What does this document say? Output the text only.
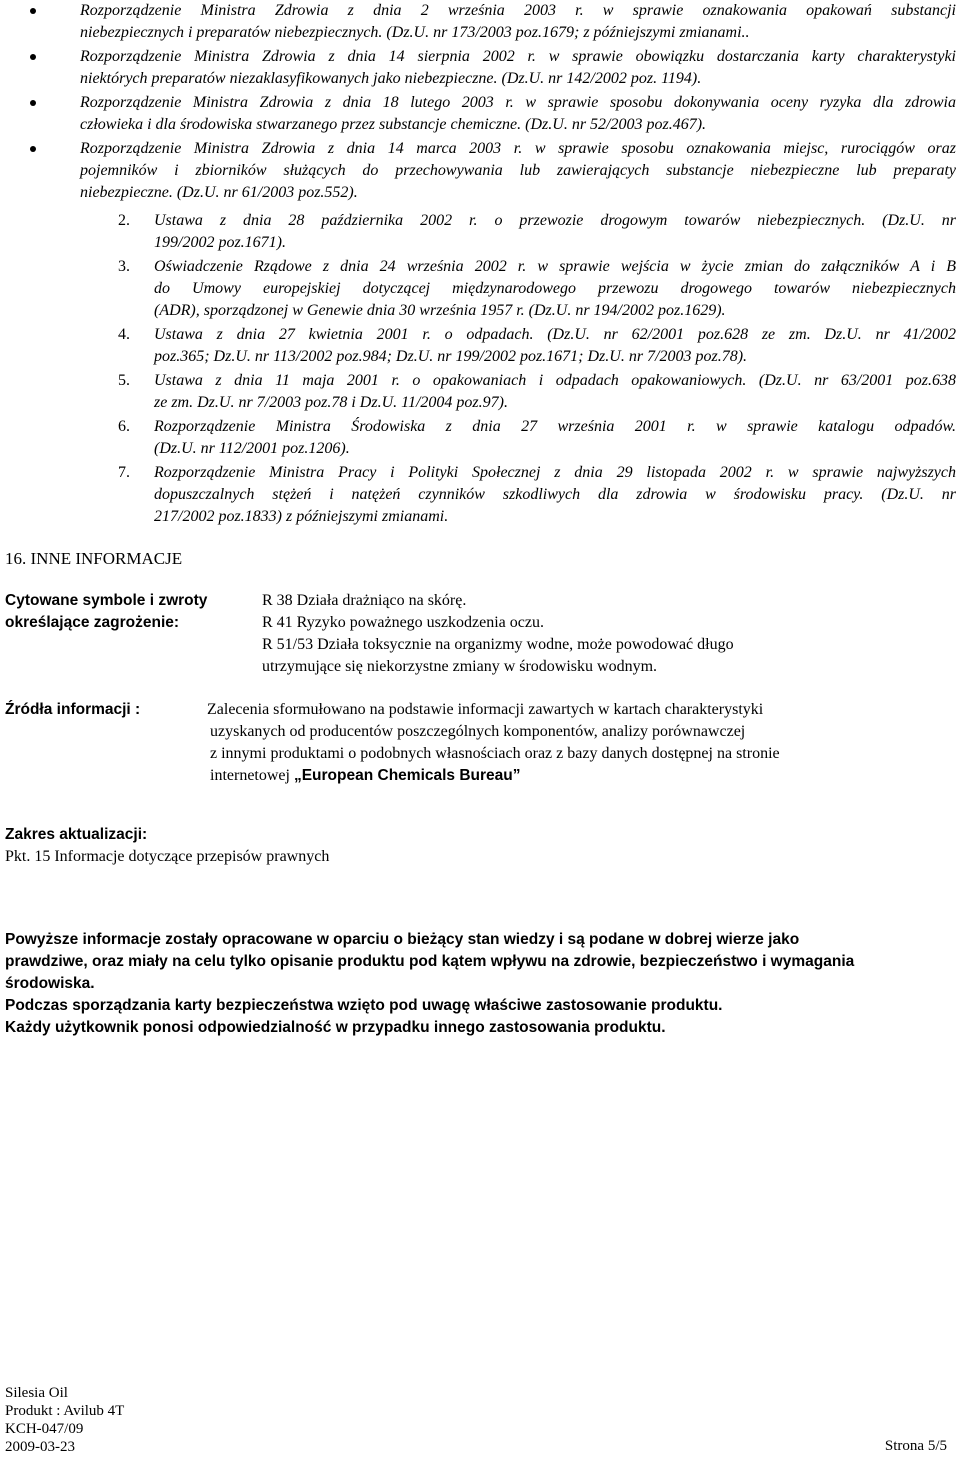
Rozporządzenie Ministra Zdrowia z dnia 2 września 2003 r. w sprawie oznakowania opakowań substancji
niebezpiecznych i preparatów niebezpiecznych. (Dz.U. nr 173/2003 poz.1679; z późniejszymi zmianami..
Rozporządzenie Ministra Zdrowia z dnia 14 sierpnia 2002 r. w sprawie obowiązku dostarczania karty charakterystyki
niektórych preparatów niezaklasyfikowanych jako niebezpieczne. (Dz.U. nr 142/2002 poz. 1194).
Rozporządzenie Ministra Zdrowia z dnia 18 lutego 2003 r. w sprawie sposobu dokonywania oceny ryzyka dla zdrowia
człowieka i dla środowiska stwarzanego przez substancje chemiczne. (Dz.U. nr 52/2003 poz.467).
Rozporządzenie Ministra Zdrowia z dnia 14 marca 2003 r. w sprawie sposobu oznakowania miejsc, rurociągów oraz
pojemników i zbiorników służących do przechowywania lub zawierających substancje niebezpieczne lub preparaty
niebezpieczne. (Dz.U. nr 61/2003 poz.552).
2. Ustawa z dnia 28 października 2002 r. o przewozie drogowym towarów niebezpiecznych. (Dz.U. nr
199/2002 poz.1671).
3. Oświadczenie Rządowe z dnia 24 września 2002 r. w sprawie wejścia w życie zmian do załączników A i B
do Umowy europejskiej dotyczącej międzynarodowego przewozu drogowego towarów niebezpiecznych
(ADR), sporządzonej w Genewie dnia 30 września 1957 r. (Dz.U. nr 194/2002 poz.1629).
4. Ustawa z dnia 27 kwietnia 2001 r. o odpadach. (Dz.U. nr 62/2001 poz.628 ze zm. Dz.U. nr 41/2002
poz.365; Dz.U. nr 113/2002 poz.984; Dz.U. nr 199/2002 poz.1671; Dz.U. nr 7/2003 poz.78).
5. Ustawa z dnia 11 maja 2001 r. o opakowaniach i odpadach opakowaniowych. (Dz.U. nr 63/2001 poz.638
ze zm. Dz.U. nr 7/2003 poz.78 i Dz.U. 11/2004 poz.97).
6. Rozporządzenie Ministra Środowiska z dnia 27 września 2001 r. w sprawie katalogu odpadów.
(Dz.U. nr 112/2001 poz.1206).
7. Rozporządzenie Ministra Pracy i Polityki Społecznej z dnia 29 listopada 2002 r. w sprawie najwyższych
dopuszczalnych stężeń i natężeń czynników szkodliwych dla zdrowia w środowisku pracy. (Dz.U. nr
217/2002 poz.1833) z późniejszymi zmianami.
16. INNE INFORMACJE
Cytowane symbole i zwroty
określające zagrożenie:
R 38 Działa drażniąco na skórę.
R 41 Ryzyko poważnego uszkodzenia oczu.
R 51/53 Działa toksycznie na organizmy wodne, może powodować długo
utrzymujące się niekorzystne zmiany w środowisku wodnym.
Źródła informacji :	Zalecenia sformułowano na podstawie informacji zawartych w kartach charakterystyki
uzyskanych od producentów poszczególnych komponentów, analizy porównawczej
z innymi produktami o podobnych własnościach oraz z bazy danych dostępnej na stronie
internetowej „European Chemicals Bureau”
Zakres aktualizacji:
Pkt. 15 Informacje dotyczące przepisów prawnych
Powyższe informacje zostały opracowane w oparciu o bieżący stan wiedzy i są podane w dobrej wierze jako
prawdziwe, oraz miały na celu tylko opisanie produktu pod kątem wpływu na zdrowie, bezpieczeństwo i wymagania
środowiska.
Podczas sporządzania karty bezpieczeństwa wzięto pod uwagę właściwe zastosowanie produktu.
Każdy użytkownik ponosi odpowiedzialność w przypadku innego zastosowania produktu.
Silesia Oil
Produkt : Avilub 4T
KCH-047/09
2009-03-23	Strona 5/5
